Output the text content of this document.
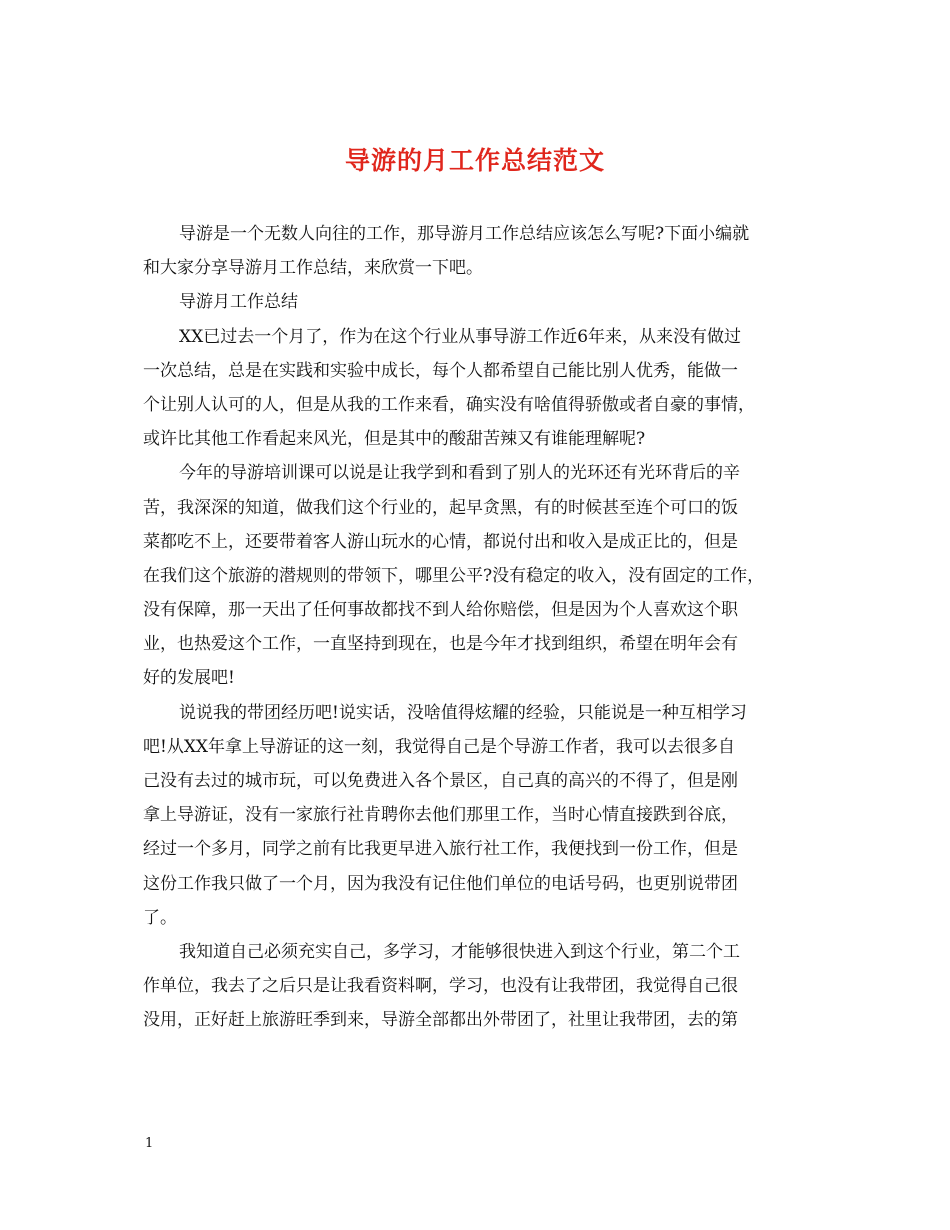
导游的月工作总结范文
导游是一个无数人向往的工作，那导游月工作总结应该怎么写呢?下面小编就
和大家分享导游月工作总结，来欣赏一下吧。
导游月工作总结
XX已过去一个月了，作为在这个行业从事导游工作近6年来，从来没有做过
一次总结，总是在实践和实验中成长，每个人都希望自己能比别人优秀，能做一
个让别人认可的人，但是从我的工作来看，确实没有啥值得骄傲或者自豪的事情，
或许比其他工作看起来风光，但是其中的酸甜苦辣又有谁能理解呢?
今年的导游培训课可以说是让我学到和看到了别人的光环还有光环背后的辛
苦，我深深的知道，做我们这个行业的，起早贪黑，有的时候甚至连个可口的饭
菜都吃不上，还要带着客人游山玩水的心情，都说付出和收入是成正比的，但是
在我们这个旅游的潜规则的带领下，哪里公平?没有稳定的收入，没有固定的工作，
没有保障，那一天出了任何事故都找不到人给你赔偿，但是因为个人喜欢这个职
业，也热爱这个工作，一直坚持到现在，也是今年才找到组织，希望在明年会有
好的发展吧!
说说我的带团经历吧!说实话，没啥值得炫耀的经验，只能说是一种互相学习
吧!从XX年拿上导游证的这一刻，我觉得自己是个导游工作者，我可以去很多自
己没有去过的城市玩，可以免费进入各个景区，自己真的高兴的不得了，但是刚
拿上导游证，没有一家旅行社肯聘你去他们那里工作，当时心情直接跌到谷底，
经过一个多月，同学之前有比我更早进入旅行社工作，我便找到一份工作，但是
这份工作我只做了一个月，因为我没有记住他们单位的电话号码，也更别说带团
了。
我知道自己必须充实自己，多学习，才能够很快进入到这个行业，第二个工
作单位，我去了之后只是让我看资料啊，学习，也没有让我带团，我觉得自己很
没用，正好赶上旅游旺季到来，导游全部都出外带团了，社里让我带团，去的第
1
